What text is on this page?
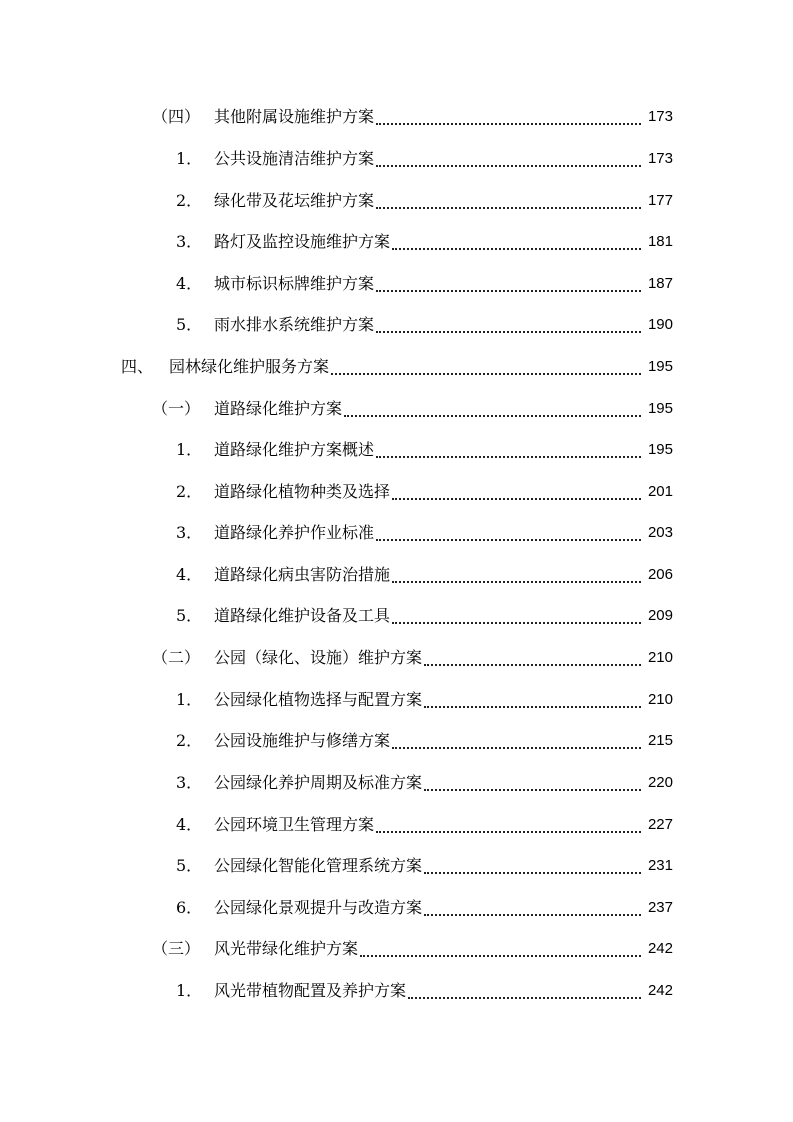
（四） 其他附属设施维护方案	173
1． 公共设施清洁维护方案	173
2． 绿化带及花坛维护方案	177
3． 路灯及监控设施维护方案	181
4． 城市标识标牌维护方案	187
5． 雨水排水系统维护方案	190
四、 园林绿化维护服务方案	195
（一） 道路绿化维护方案	195
1． 道路绿化维护方案概述	195
2． 道路绿化植物种类及选择	201
3． 道路绿化养护作业标准	203
4． 道路绿化病虫害防治措施	206
5． 道路绿化维护设备及工具	209
（二） 公园（绿化、设施）维护方案	210
1． 公园绿化植物选择与配置方案	210
2． 公园设施维护与修缮方案	215
3． 公园绿化养护周期及标准方案	220
4． 公园环境卫生管理方案	227
5． 公园绿化智能化管理系统方案	231
6． 公园绿化景观提升与改造方案	237
（三） 风光带绿化维护方案	242
1． 风光带植物配置及养护方案	242
